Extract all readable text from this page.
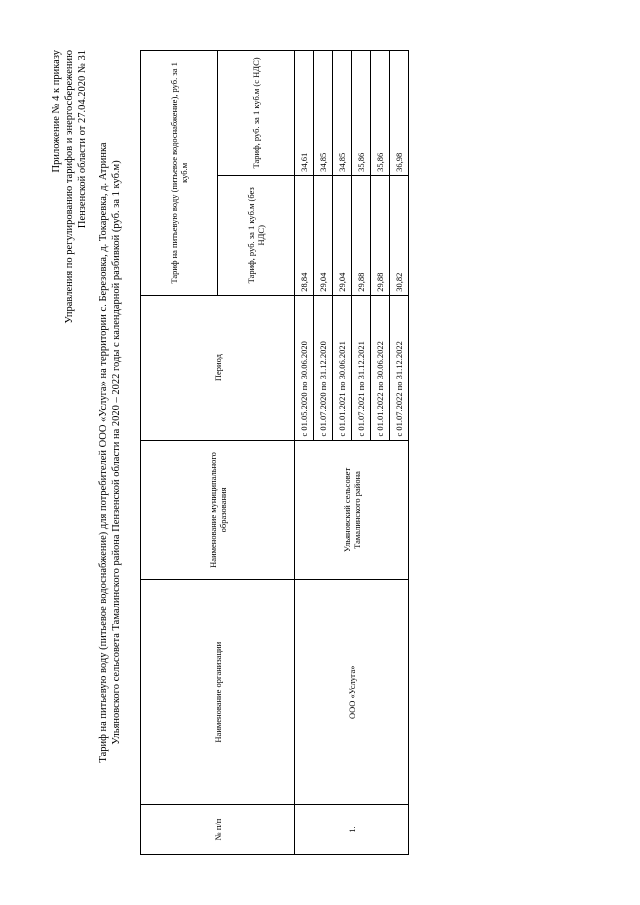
Приложение № 4 к приказу Управления по регулированию тарифов и энергосбережению Пензенской области от 27.04.2020 № 31
Тариф на питьевую воду (питьевое водоснабжение) для потребителей ООО «Услуга» на территории с. Березовка, д. Токаревка, д. Атринка Ульяновского сельсовета Тамалинского района Пензенской области на 2020 – 2022 годы с календарной разбивкой (руб. за 1 куб.м)
№ п/п	Наименование организации	Наименование муниципального образования	Период	Тариф на питьевую воду (питьевое водоснабжение), руб. за 1 куб.м	
				Тариф, руб. за 1 куб.м (без НДС)	Тариф, руб. за 1 куб.м (с НДС)
1.	ООО «Услуга»	Ульяновский сельсовет Тамалинского района	с 01.05.2020 по 30.06.2020	28,84	34,61
			с 01.07.2020 по 31.12.2020	29,04	34,85
			с 01.01.2021 по 30.06.2021	29,04	34,85
			с 01.07.2021 по 31.12.2021	29,88	35,86
			с 01.01.2022 по 30.06.2022	29,88	35,86
			с 01.07.2022 по 31.12.2022	30,82	36,98
